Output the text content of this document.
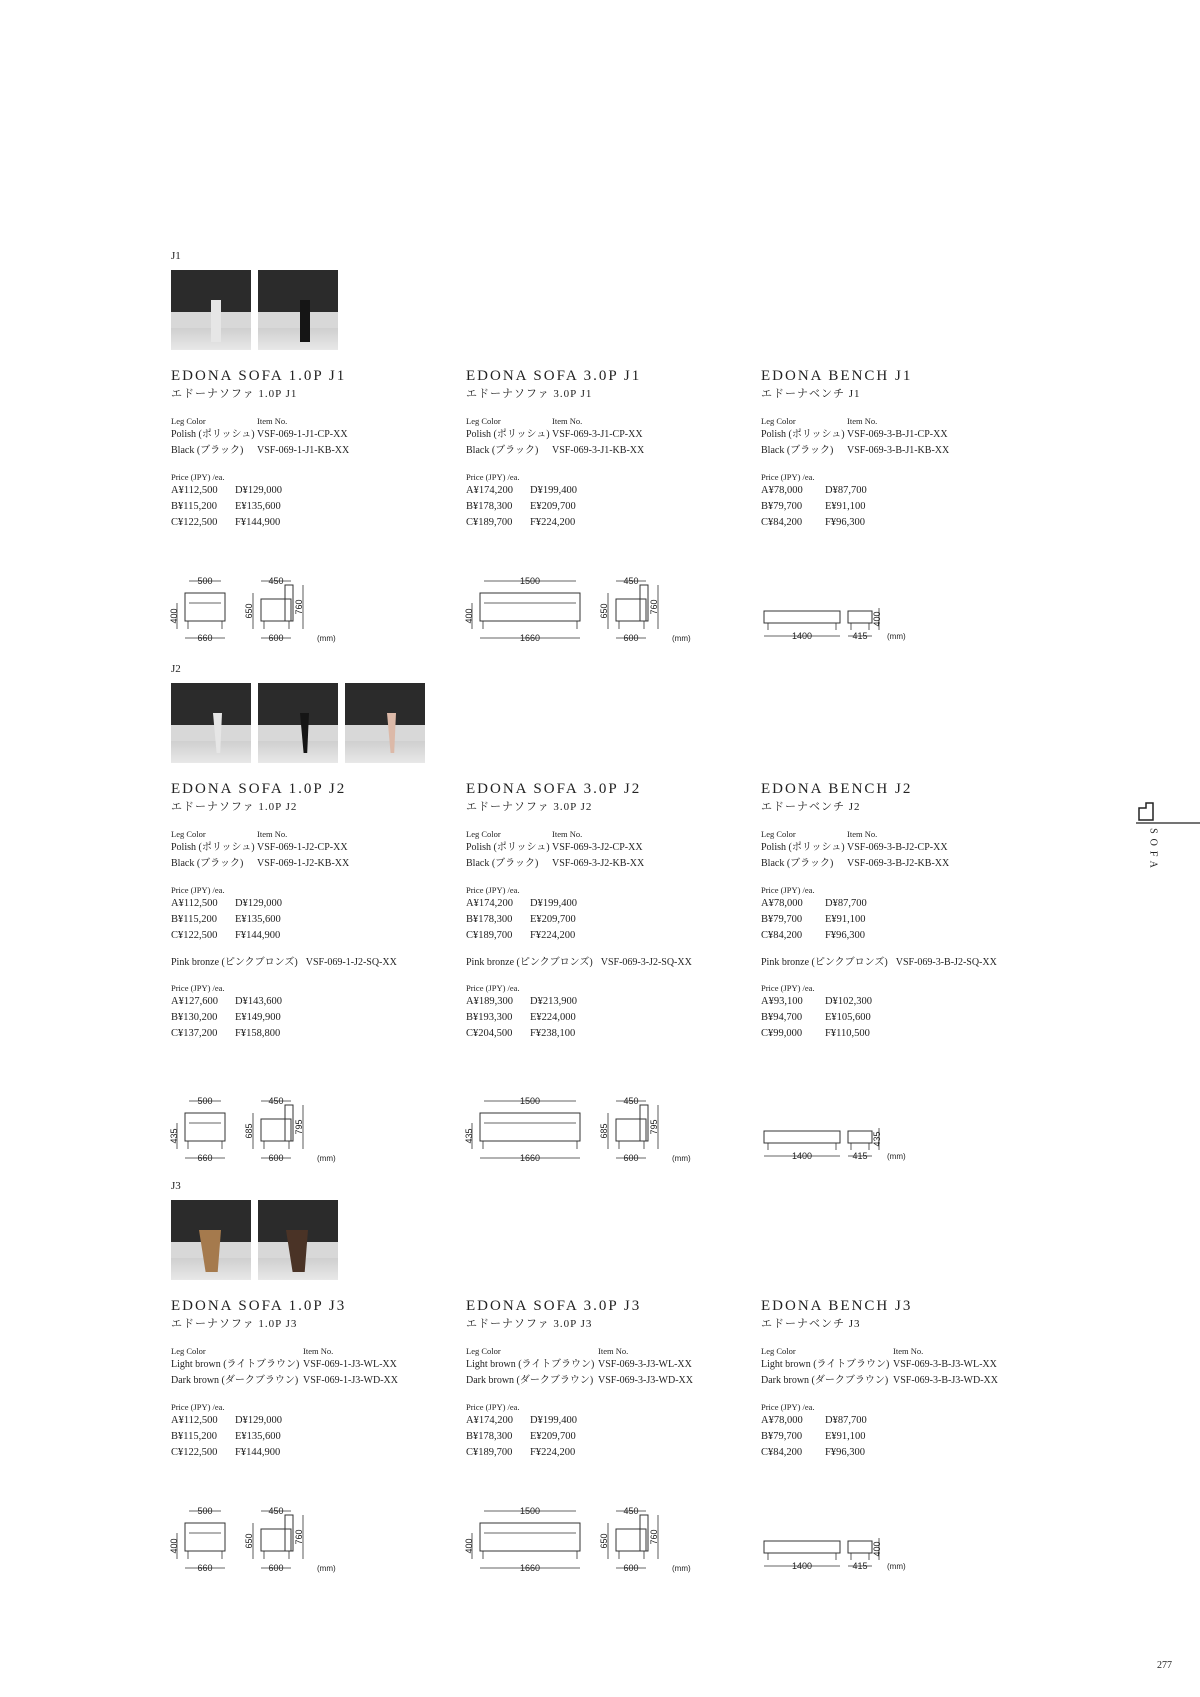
J1
EDONA SOFA 1.0P J1
エドーナソファ 1.0P J1
Leg Color	Item No.
Polish (ポリッシュ) VSF-069-1-J1-CP-XX
Black (ブラック) VSF-069-1-J1-KB-XX
Price (JPY) /ea.
A¥112,500 D¥129,000
B¥115,200 E¥135,600
C¥122,500 F¥144,900
500
660
400
450
650	760
600	(mm)
EDONA SOFA 3.0P J1
エドーナソファ 3.0P J1
Leg Color	Item No.
Polish (ポリッシュ) VSF-069-3-J1-CP-XX
Black (ブラック) VSF-069-3-J1-KB-XX
Price (JPY) /ea.
A¥174,200 D¥199,400
B¥178,300 E¥209,700
C¥189,700 F¥224,200
1500
1660
400
450
650	760
600	(mm)
EDONA BENCH J1
エドーナベンチ J1
Leg Color	Item No.
Polish (ポリッシュ) VSF-069-3-B-J1-CP-XX
Black (ブラック) VSF-069-3-B-J1-KB-XX
Price (JPY) /ea.
A¥78,000 D¥87,700
B¥79,700 E¥91,100
C¥84,200 F¥96,300
1400	415
400
(mm)
J2
EDONA SOFA 1.0P J2
エドーナソファ 1.0P J2
Leg Color	Item No.
Polish (ポリッシュ) VSF-069-1-J2-CP-XX
Black (ブラック) VSF-069-1-J2-KB-XX
Price (JPY) /ea.
A¥112,500 D¥129,000
B¥115,200 E¥135,600
C¥122,500 F¥144,900
Pink bronze (ピンクブロンズ) VSF-069-1-J2-SQ-XX
Price (JPY) /ea.
A¥127,600 D¥143,600
B¥130,200 E¥149,900
C¥137,200 F¥158,800
500
660
435
450
685	795
600	(mm)
EDONA SOFA 3.0P J2
エドーナソファ 3.0P J2
Leg Color	Item No.
Polish (ポリッシュ) VSF-069-3-J2-CP-XX
Black (ブラック) VSF-069-3-J2-KB-XX
Price (JPY) /ea.
A¥174,200 D¥199,400
B¥178,300 E¥209,700
C¥189,700 F¥224,200
Pink bronze (ピンクブロンズ) VSF-069-3-J2-SQ-XX
Price (JPY) /ea.
A¥189,300 D¥213,900
B¥193,300 E¥224,000
C¥204,500 F¥238,100
1500
1660
435
450
685	795
600	(mm)
EDONA BENCH J2
エドーナベンチ J2
Leg Color	Item No.
Polish (ポリッシュ) VSF-069-3-B-J2-CP-XX
Black (ブラック) VSF-069-3-B-J2-KB-XX
Price (JPY) /ea.
A¥78,000 D¥87,700
B¥79,700 E¥91,100
C¥84,200 F¥96,300
Pink bronze (ピンクブロンズ) VSF-069-3-B-J2-SQ-XX
Price (JPY) /ea.
A¥93,100 D¥102,300
B¥94,700 E¥105,600
C¥99,000 F¥110,500
1400	415
435
(mm)
J3
EDONA SOFA 1.0P J3
エドーナソファ 1.0P J3
Leg Color	Item No.
Light brown (ライトブラウン) VSF-069-1-J3-WL-XX
Dark brown (ダークブラウン) VSF-069-1-J3-WD-XX
Price (JPY) /ea.
A¥112,500 D¥129,000
B¥115,200 E¥135,600
C¥122,500 F¥144,900
500
660
400
450
650	760
600	(mm)
EDONA SOFA 3.0P J3
エドーナソファ 3.0P J3
Leg Color	Item No.
Light brown (ライトブラウン) VSF-069-3-J3-WL-XX
Dark brown (ダークブラウン) VSF-069-3-J3-WD-XX
Price (JPY) /ea.
A¥174,200 D¥199,400
B¥178,300 E¥209,700
C¥189,700 F¥224,200
1500
1660
400
450
650	760
600	(mm)
EDONA BENCH J3
エドーナベンチ J3
Leg Color	Item No.
Light brown (ライトブラウン) VSF-069-3-B-J3-WL-XX
Dark brown (ダークブラウン) VSF-069-3-B-J3-WD-XX
Price (JPY) /ea.
A¥78,000 D¥87,700
B¥79,700 E¥91,100
C¥84,200 F¥96,300
1400	415
400
(mm)
SOFA
277
